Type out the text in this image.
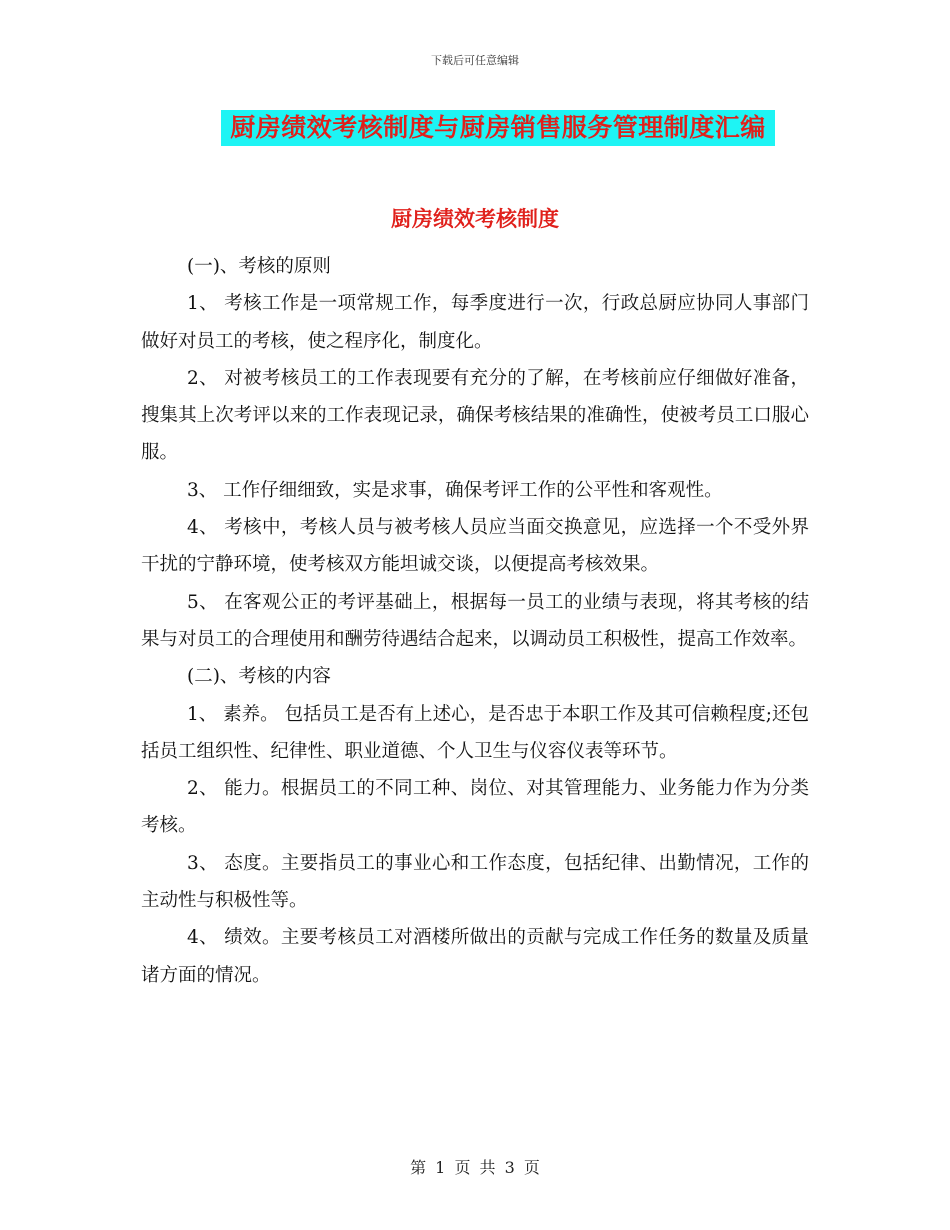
下载后可任意编辑
厨房绩效考核制度与厨房销售服务管理制度汇编
厨房绩效考核制度

(一)、考核的原则

1、 考核工作是一项常规工作，每季度进行一次，行政总厨应协同人事部门做好对员工的考核，使之程序化，制度化。

2、 对被考核员工的工作表现要有充分的了解，在考核前应仔细做好准备，搜集其上次考评以来的工作表现记录，确保考核结果的准确性，使被考员工口服心服。

3、 工作仔细细致，实是求事，确保考评工作的公平性和客观性。

4、 考核中，考核人员与被考核人员应当面交换意见，应选择一个不受外界干扰的宁静环境，使考核双方能坦诚交谈，以便提高考核效果。

5、 在客观公正的考评基础上，根据每一员工的业绩与表现，将其考核的结果与对员工的合理使用和酬劳待遇结合起来，以调动员工积极性，提高工作效率。

(二)、考核的内容

1、 素养。 包括员工是否有上述心，是否忠于本职工作及其可信赖程度;还包括员工组织性、纪律性、职业道德、个人卫生与仪容仪表等环节。

2、 能力。根据员工的不同工种、岗位、对其管理能力、业务能力作为分类考核。

3、 态度。主要指员工的事业心和工作态度，包括纪律、出勤情况，工作的主动性与积极性等。

4、 绩效。主要考核员工对酒楼所做出的贡献与完成工作任务的数量及质量诸方面的情况。

第 1 页 共 3 页
